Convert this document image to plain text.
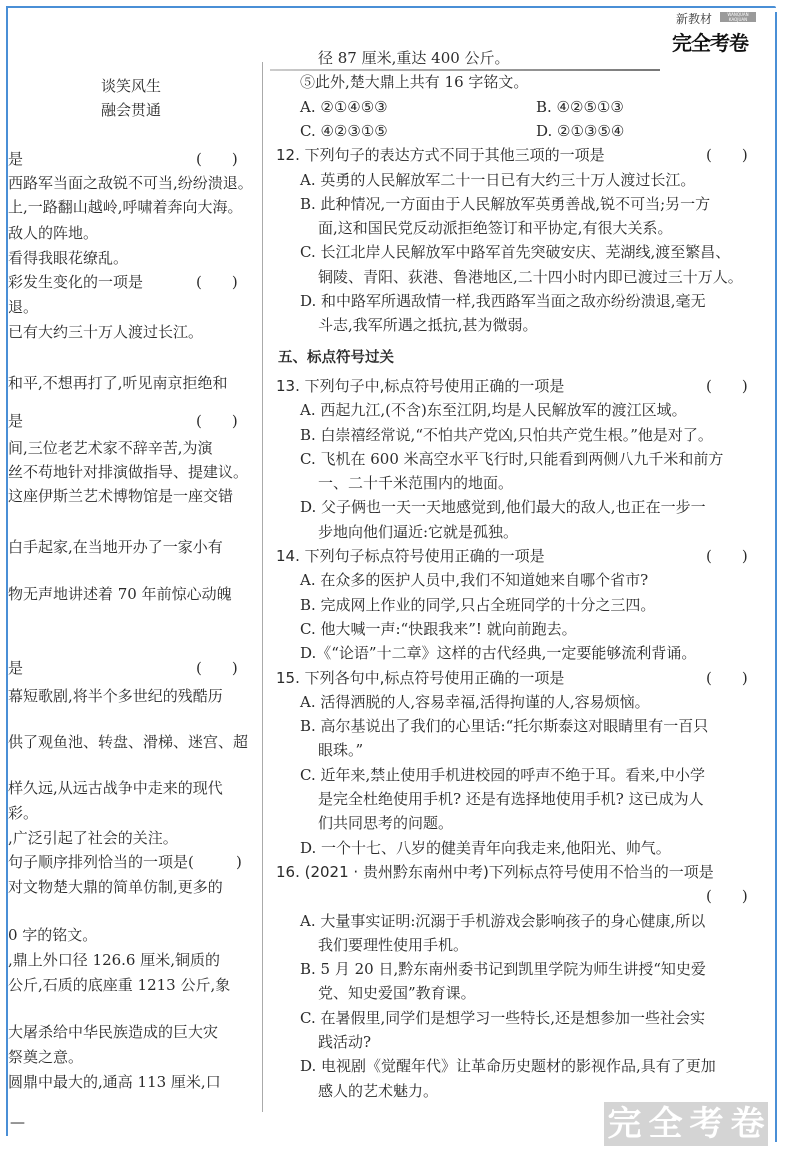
新教材	WANQUAN KAOJUAN
完全考卷
谈笑风生
融会贯通
是	(　　)
西路军当面之敌锐不可当,纷纷溃退。
上,一路翻山越岭,呼啸着奔向大海。
敌人的阵地。
看得我眼花缭乱。
彩发生变化的一项是	(　　)
退。
已有大约三十万人渡过长江。
和平,不想再打了,听见南京拒绝和
是	(　　)
间,三位老艺术家不辞辛苦,为演
丝不苟地针对排演做指导、提建议。
这座伊斯兰艺术博物馆是一座交错
白手起家,在当地开办了一家小有
物无声地讲述着 70 年前惊心动魄
是	(　　)
幕短歌剧,将半个多世纪的残酷历
供了观鱼池、转盘、滑梯、迷宫、超
样久远,从远古战争中走来的现代
彩。
,广泛引起了社会的关注。
句子顺序排列恰当的一项是(	)
对文物楚大鼎的简单仿制,更多的
0 字的铭文。
,鼎上外口径 126.6 厘米,铜质的
公斤,石质的底座重 1213 公斤,象
大屠杀给中华民族造成的巨大灾
祭奠之意。
圆鼎中最大的,通高 113 厘米,口
径 87 厘米,重达 400 公斤。
⑤此外,楚大鼎上共有 16 字铭文。
A. ②①④⑤③	B. ④②⑤①③
C. ④②③①⑤	D. ②①③⑤④
12. 下列句子的表达方式不同于其他三项的一项是	(　　)
A. 英勇的人民解放军二十一日已有大约三十万人渡过长江。
B. 此种情况,一方面由于人民解放军英勇善战,锐不可当;另一方
面,这和国民党反动派拒绝签订和平协定,有很大关系。
C. 长江北岸人民解放军中路军首先突破安庆、芜湖线,渡至繁昌、
铜陵、青阳、荻港、鲁港地区,二十四小时内即已渡过三十万人。
D. 和中路军所遇敌情一样,我西路军当面之敌亦纷纷溃退,毫无
斗志,我军所遇之抵抗,甚为微弱。
五、标点符号过关
13. 下列句子中,标点符号使用正确的一项是	(　　)
A. 西起九江,(不含)东至江阴,均是人民解放军的渡江区域。
B. 白崇禧经常说,“不怕共产党凶,只怕共产党生根。”他是对了。
C. 飞机在 600 米高空水平飞行时,只能看到两侧八九千米和前方
一、二十千米范围内的地面。
D. 父子俩也一天一天地感觉到,他们最大的敌人,也正在一步一
步地向他们逼近:它就是孤独。
14. 下列句子标点符号使用正确的一项是	(　　)
A. 在众多的医护人员中,我们不知道她来自哪个省市?
B. 完成网上作业的同学,只占全班同学的十分之三四。
C. 他大喊一声:“快跟我来”! 就向前跑去。
D.《“论语”十二章》这样的古代经典,一定要能够流利背诵。
15. 下列各句中,标点符号使用正确的一项是	(　　)
A. 活得洒脱的人,容易幸福,活得拘谨的人,容易烦恼。
B. 高尔基说出了我们的心里话:“托尔斯泰这对眼睛里有一百只
眼珠。”
C. 近年来,禁止使用手机进校园的呼声不绝于耳。看来,中小学
是完全杜绝使用手机? 还是有选择地使用手机? 这已成为人
们共同思考的问题。
D. 一个十七、八岁的健美青年向我走来,他阳光、帅气。
16. (2021 · 贵州黔东南州中考)下列标点符号使用不恰当的一项是
(　　)
A. 大量事实证明:沉溺于手机游戏会影响孩子的身心健康,所以
我们要理性使用手机。
B. 5 月 20 日,黔东南州委书记到凯里学院为师生讲授“知史爱
党、知史爱国”教育课。
C. 在暑假里,同学们是想学习一些特长,还是想参加一些社会实
践活动?
D. 电视剧《觉醒年代》让革命历史题材的影视作品,具有了更加
感人的艺术魅力。
—	完 全 考 卷
